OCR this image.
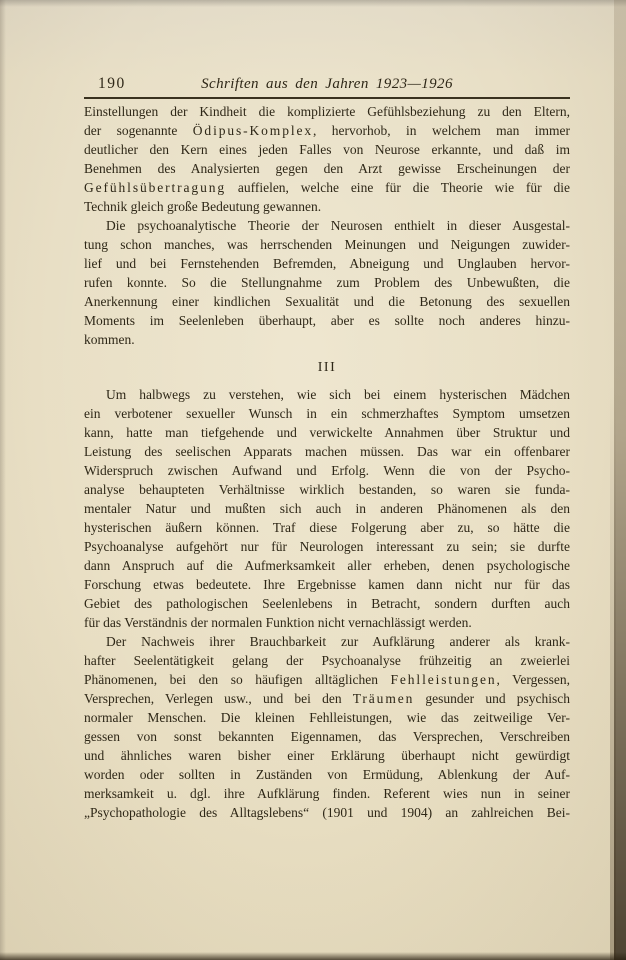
190	Schriften aus den Jahren 1923—1926
Einstellungen der Kindheit die komplizierte Gefühlsbeziehung zu den Eltern,
der sogenannte Ödipus-Komplex, hervorhob, in welchem man immer
deutlicher den Kern eines jeden Falles von Neurose erkannte, und daß im
Benehmen des Analysierten gegen den Arzt gewisse Erscheinungen der
Gefühlsübertragung auffielen, welche eine für die Theorie wie für die
Technik gleich große Bedeutung gewannen.
Die psychoanalytische Theorie der Neurosen enthielt in dieser Ausgestal-
tung schon manches, was herrschenden Meinungen und Neigungen zuwider-
lief und bei Fernstehenden Befremden, Abneigung und Unglauben hervor-
rufen konnte. So die Stellungnahme zum Problem des Unbewußten, die
Anerkennung einer kindlichen Sexualität und die Betonung des sexuellen
Moments im Seelenleben überhaupt, aber es sollte noch anderes hinzu-
kommen.
III
Um halbwegs zu verstehen, wie sich bei einem hysterischen Mädchen
ein verbotener sexueller Wunsch in ein schmerzhaftes Symptom umsetzen
kann, hatte man tiefgehende und verwickelte Annahmen über Struktur und
Leistung des seelischen Apparats machen müssen. Das war ein offenbarer
Widerspruch zwischen Aufwand und Erfolg. Wenn die von der Psycho-
analyse behaupteten Verhältnisse wirklich bestanden, so waren sie funda-
mentaler Natur und mußten sich auch in anderen Phänomenen als den
hysterischen äußern können. Traf diese Folgerung aber zu, so hätte die
Psychoanalyse aufgehört nur für Neurologen interessant zu sein; sie durfte
dann Anspruch auf die Aufmerksamkeit aller erheben, denen psychologische
Forschung etwas bedeutete. Ihre Ergebnisse kamen dann nicht nur für das
Gebiet des pathologischen Seelenlebens in Betracht, sondern durften auch
für das Verständnis der normalen Funktion nicht vernachlässigt werden.
Der Nachweis ihrer Brauchbarkeit zur Aufklärung anderer als krank-
hafter Seelentätigkeit gelang der Psychoanalyse frühzeitig an zweierlei
Phänomenen, bei den so häufigen alltäglichen Fehlleistungen, Vergessen,
Versprechen, Verlegen usw., und bei den Träumen gesunder und psychisch
normaler Menschen. Die kleinen Fehlleistungen, wie das zeitweilige Ver-
gessen von sonst bekannten Eigennamen, das Versprechen, Verschreiben
und ähnliches waren bisher einer Erklärung überhaupt nicht gewürdigt
worden oder sollten in Zuständen von Ermüdung, Ablenkung der Auf-
merksamkeit u. dgl. ihre Aufklärung finden. Referent wies nun in seiner
„Psychopathologie des Alltagslebens“ (1901 und 1904) an zahlreichen Bei-
